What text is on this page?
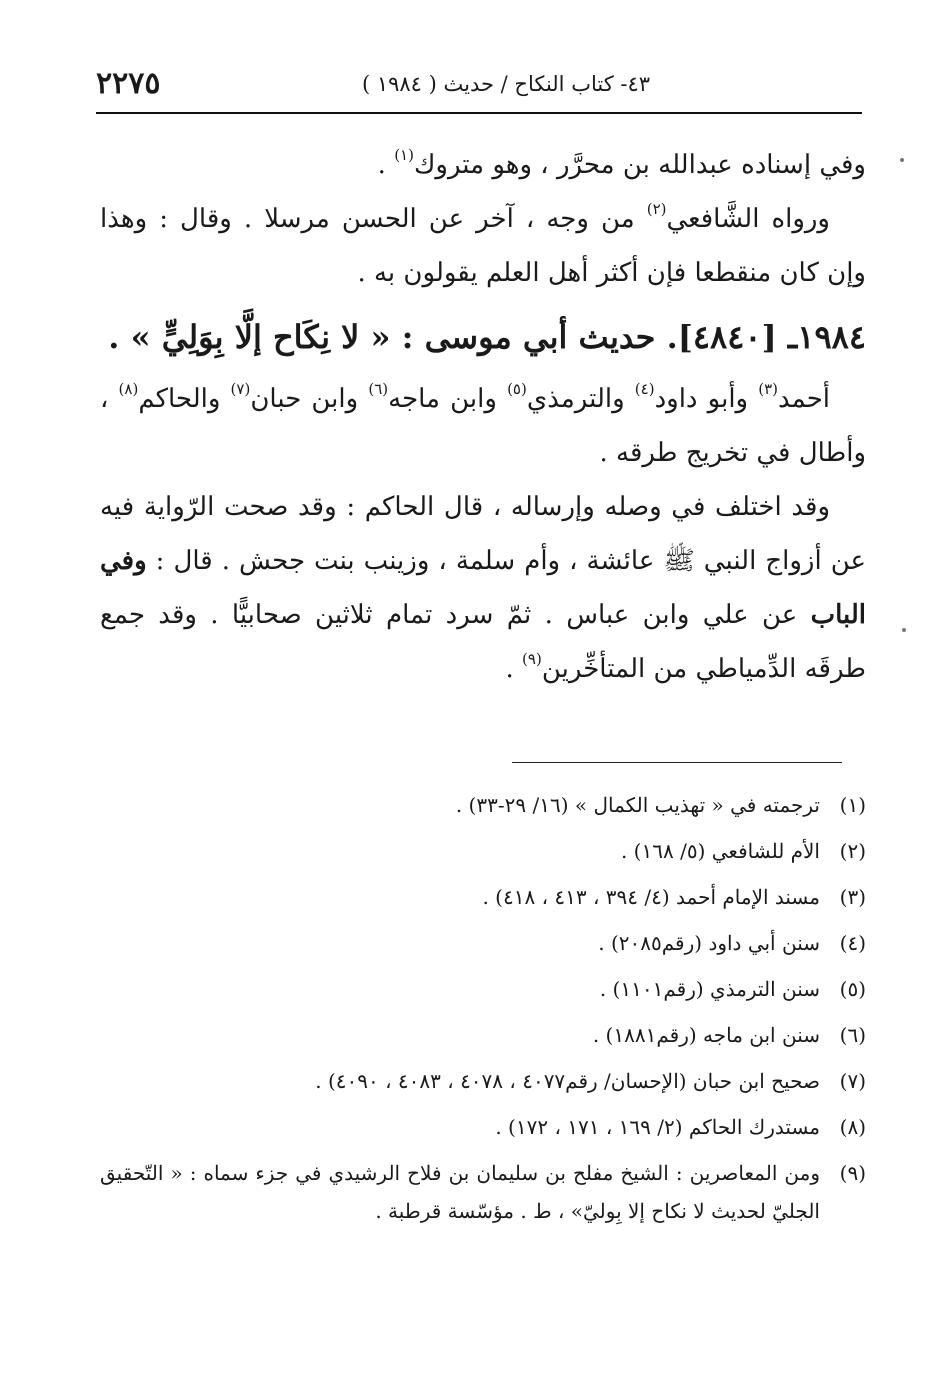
٤٣- كتاب النكاح / حديث ( ١٩٨٤ )
٢٢٧٥

وفي إسناده عبدالله بن محرَّر ، وهو متروك$^{(١)}$ .

ورواه الشَّافعي$^{(٢)}$ من وجه ، آخر عن الحسن مرسلا . وقال : وهذا وإن كان منقطعا فإن أكثر أهل العلم يقولون به .

١٩٨٤ـ [٤٨٤٠]. حديث أبي موسى : « لا نِكَاح إلَّا بِوَلِيٍّ » .

أحمد$^{(٣)}$ وأبو داود$^{(٤)}$ والترمذي$^{(٥)}$ وابن ماجه$^{(٦)}$ وابن حبان$^{(٧)}$ والحاكم$^{(٨)}$ ، وأطال في تخريج طرقه .

وقد اختلف في وصله وإرساله ، قال الحاكم : وقد صحت الرّواية فيه عن أزواج النبي ﷺ عائشة ، وأم سلمة ، وزينب بنت جحش . قال : وفي الباب عن علي وابن عباس . ثمّ سرد تمام ثلاثين صحابيًّا . وقد جمع طرقَه الدِّمياطي من المتأخِّرين$^{(٩)}$ .

(١)
ترجمته في « تهذيب الكمال » (١٦/ ٢٩-٣٣) .
(٢)
الأم للشافعي (٥/ ١٦٨) .
(٣)
مسند الإمام أحمد (٤/ ٣٩٤ ، ٤١٣ ، ٤١٨) .
(٤)
سنن أبي داود (رقم٢٠٨٥) .
(٥)
سنن الترمذي (رقم١١٠١) .
(٦)
سنن ابن ماجه (رقم١٨٨١) .
(٧)
صحيح ابن حبان (الإحسان/ رقم٤٠٧٧ ، ٤٠٧٨ ، ٤٠٨٣ ، ٤٠٩٠) .
(٨)
مستدرك الحاكم (٢/ ١٦٩ ، ١٧١ ، ١٧٢) .
(٩)
ومن المعاصرين : الشيخ مفلح بن سليمان بن فلاح الرشيدي في جزء سماه : « التّحقيق الجليّ لحديث لا نكاح إلا بِوليّ» ، ط . مؤسّسة قرطبة .
